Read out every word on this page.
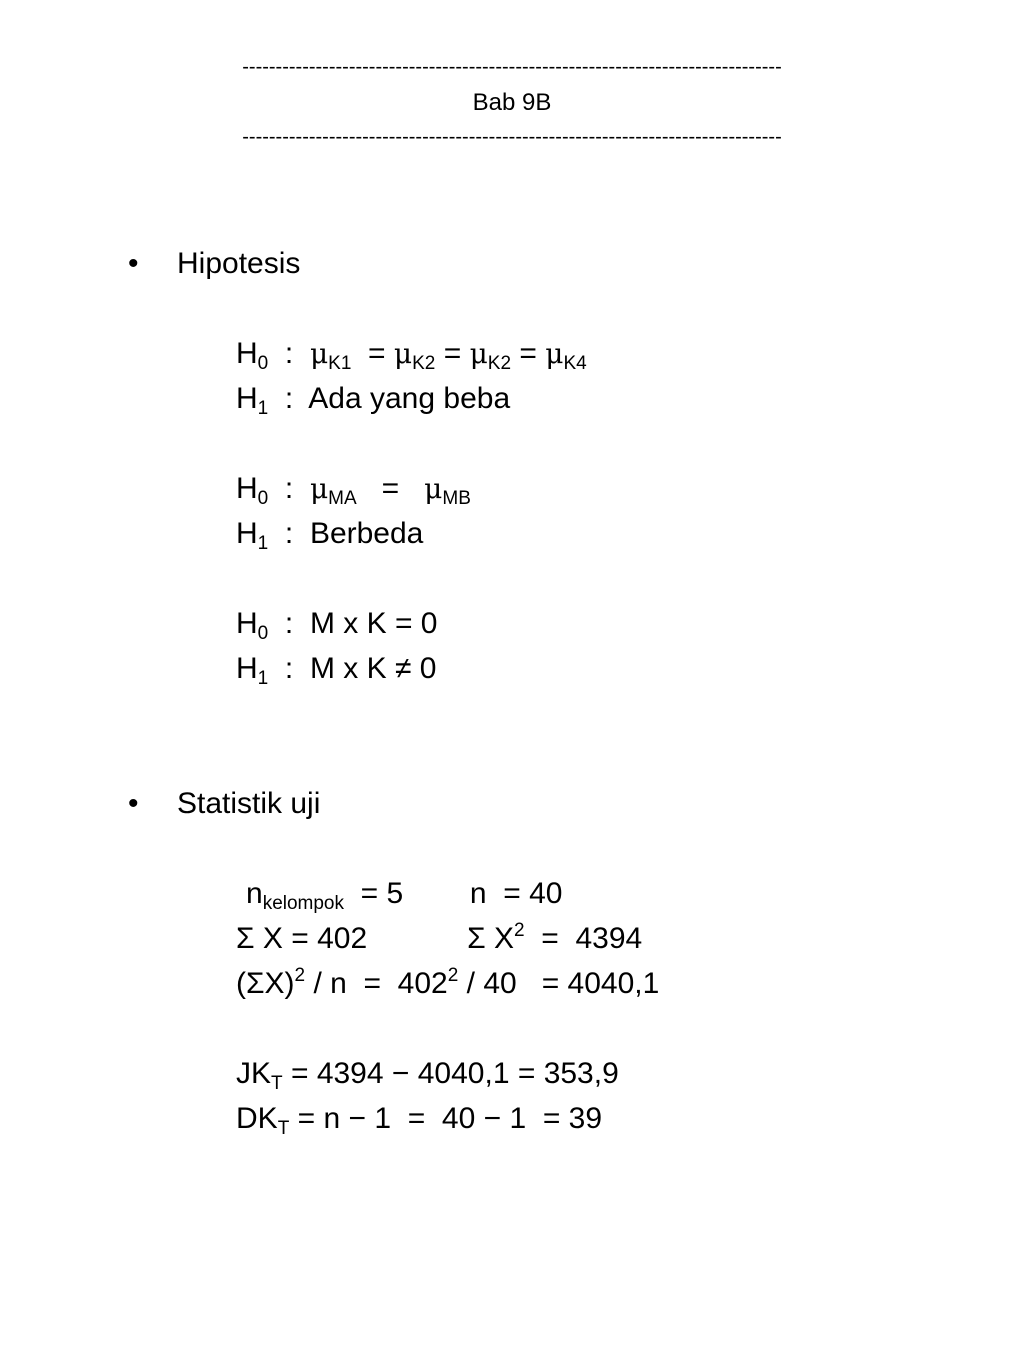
---------------------------------------------------------------------------------
Bab 9B
---------------------------------------------------------------------------------
• Hipotesis
$H_0$  :  $\mu_{K1} = \mu_{K2} = \mu_{K2} = \mu_{K4}$
$H_1$  :  Ada yang beba
$H_0$  :  $\mu_{MA} = \mu_{MB}$
$H_1$  :  Berbeda
$H_0$  :  M x K = 0
$H_1$  :  M x K ≠ 0
• Statistik uji
$n_{kelompok} = 5$        n  = 40
Σ X = 402            Σ $X^2 = 4394$
$(\Sigma X)^2 / n = 402^2 / 40 = 4040,1$
$JK_T = 4394 - 4040,1 = 353,9$
$DK_T = n - 1 = 40 - 1 = 39$
